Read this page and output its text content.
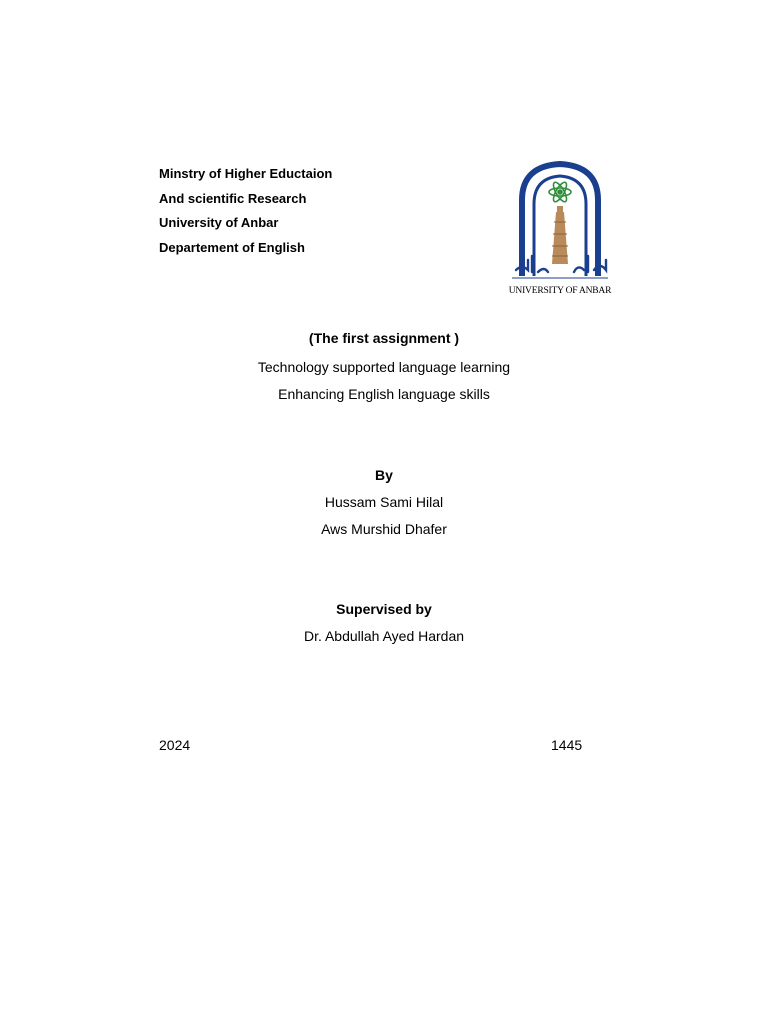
Minstry of Higher Eductaion
And scientific Research
University of Anbar
Departement of English
UNIVERSITY OF ANBAR
(The first assignment )
Technology supported language learning
Enhancing English language skills
By
Hussam Sami Hilal
Aws Murshid Dhafer
Supervised by
Dr. Abdullah Ayed Hardan
2024	1445
